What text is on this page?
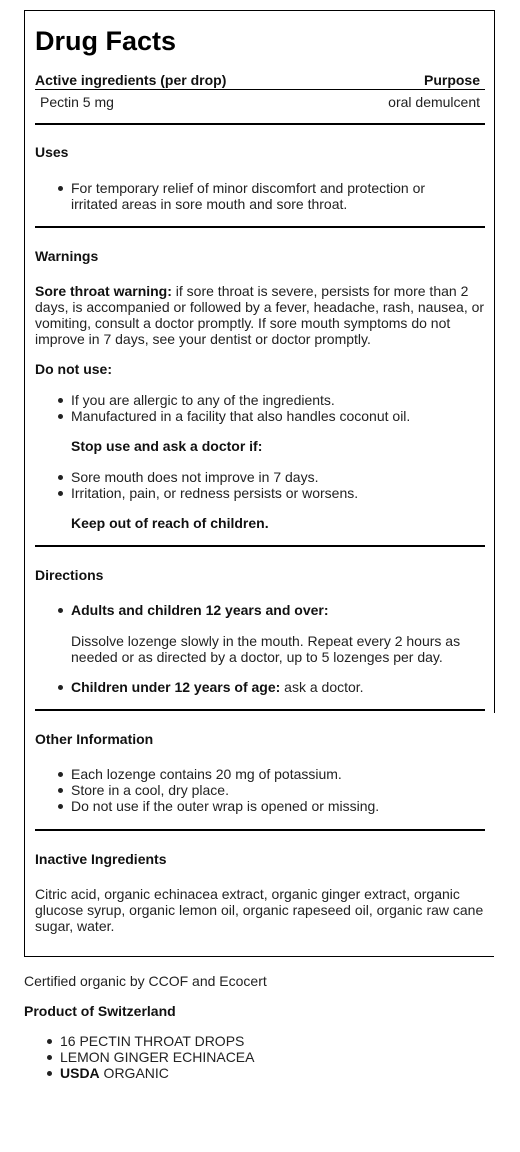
Drug Facts
Active ingredients (per drop)	Purpose
Pectin 5 mg	oral demulcent
Uses
For temporary relief of minor discomfort and protection or irritated areas in sore mouth and sore throat.
Warnings

Sore throat warning: if sore throat is severe, persists for more than 2 days, is accompanied or followed by a fever, headache, rash, nausea, or vomiting, consult a doctor promptly. If sore mouth symptoms do not improve in 7 days, see your dentist or doctor promptly.

Do not use:
If you are allergic to any of the ingredients.
Manufactured in a facility that also handles coconut oil.
Stop use and ask a doctor if:
Sore mouth does not improve in 7 days.
Irritation, pain, or redness persists or worsens.
Keep out of reach of children.
Directions
Adults and children 12 years and over:

Dissolve lozenge slowly in the mouth. Repeat every 2 hours as needed or as directed by a doctor, up to 5 lozenges per day.

Children under 12 years of age: ask a doctor.
Other Information
Each lozenge contains 20 mg of potassium.
Store in a cool, dry place.
Do not use if the outer wrap is opened or missing.
Inactive Ingredients

Citric acid, organic echinacea extract, organic ginger extract, organic glucose syrup, organic lemon oil, organic rapeseed oil, organic raw cane sugar, water.

Certified organic by CCOF and Ecocert
Product of Switzerland
16 PECTIN THROAT DROPS
LEMON GINGER ECHINACEA
USDA ORGANIC
